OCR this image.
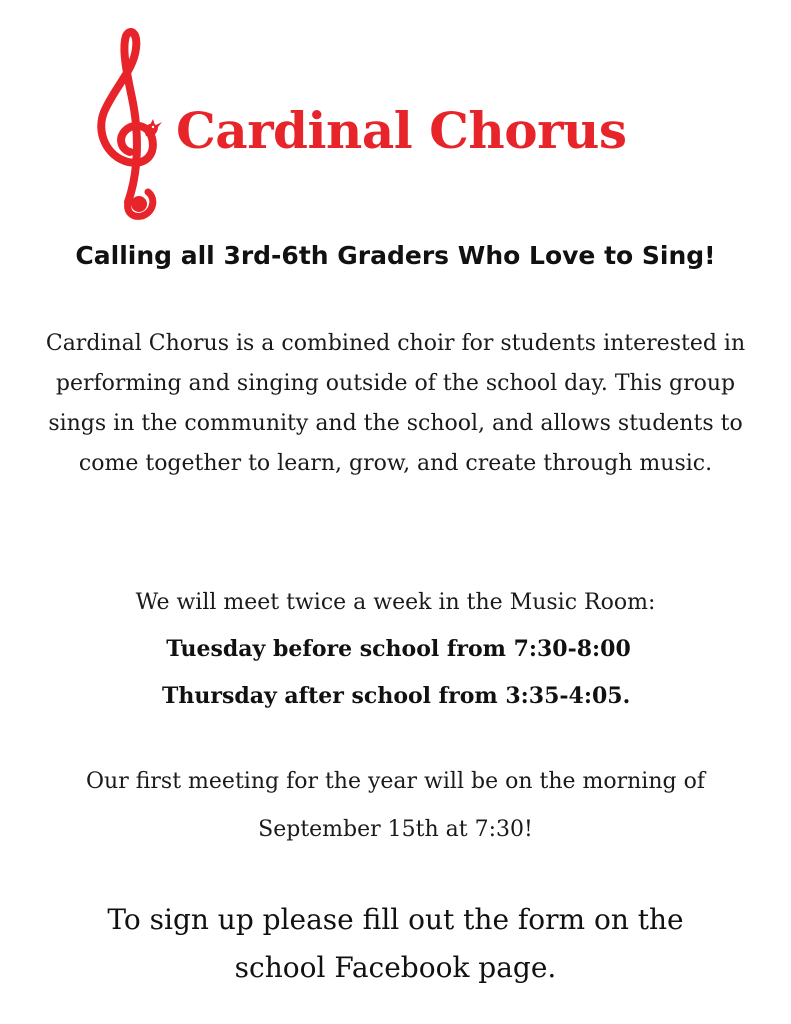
Cardinal Chorus
Calling all 3rd-6th Graders Who Love to Sing!

Cardinal Chorus is a combined choir for students interested in performing and singing outside of the school day. This group sings in the community and the school, and allows students to come together to learn, grow, and create through music.

We will meet twice a week in the Music Room:

Tuesday before school from 7:30-8:00

Thursday after school from 3:35-4:05.

Our first meeting for the year will be on the morning of
September 15th at 7:30!

To sign up please fill out the form on the
school Facebook page.
